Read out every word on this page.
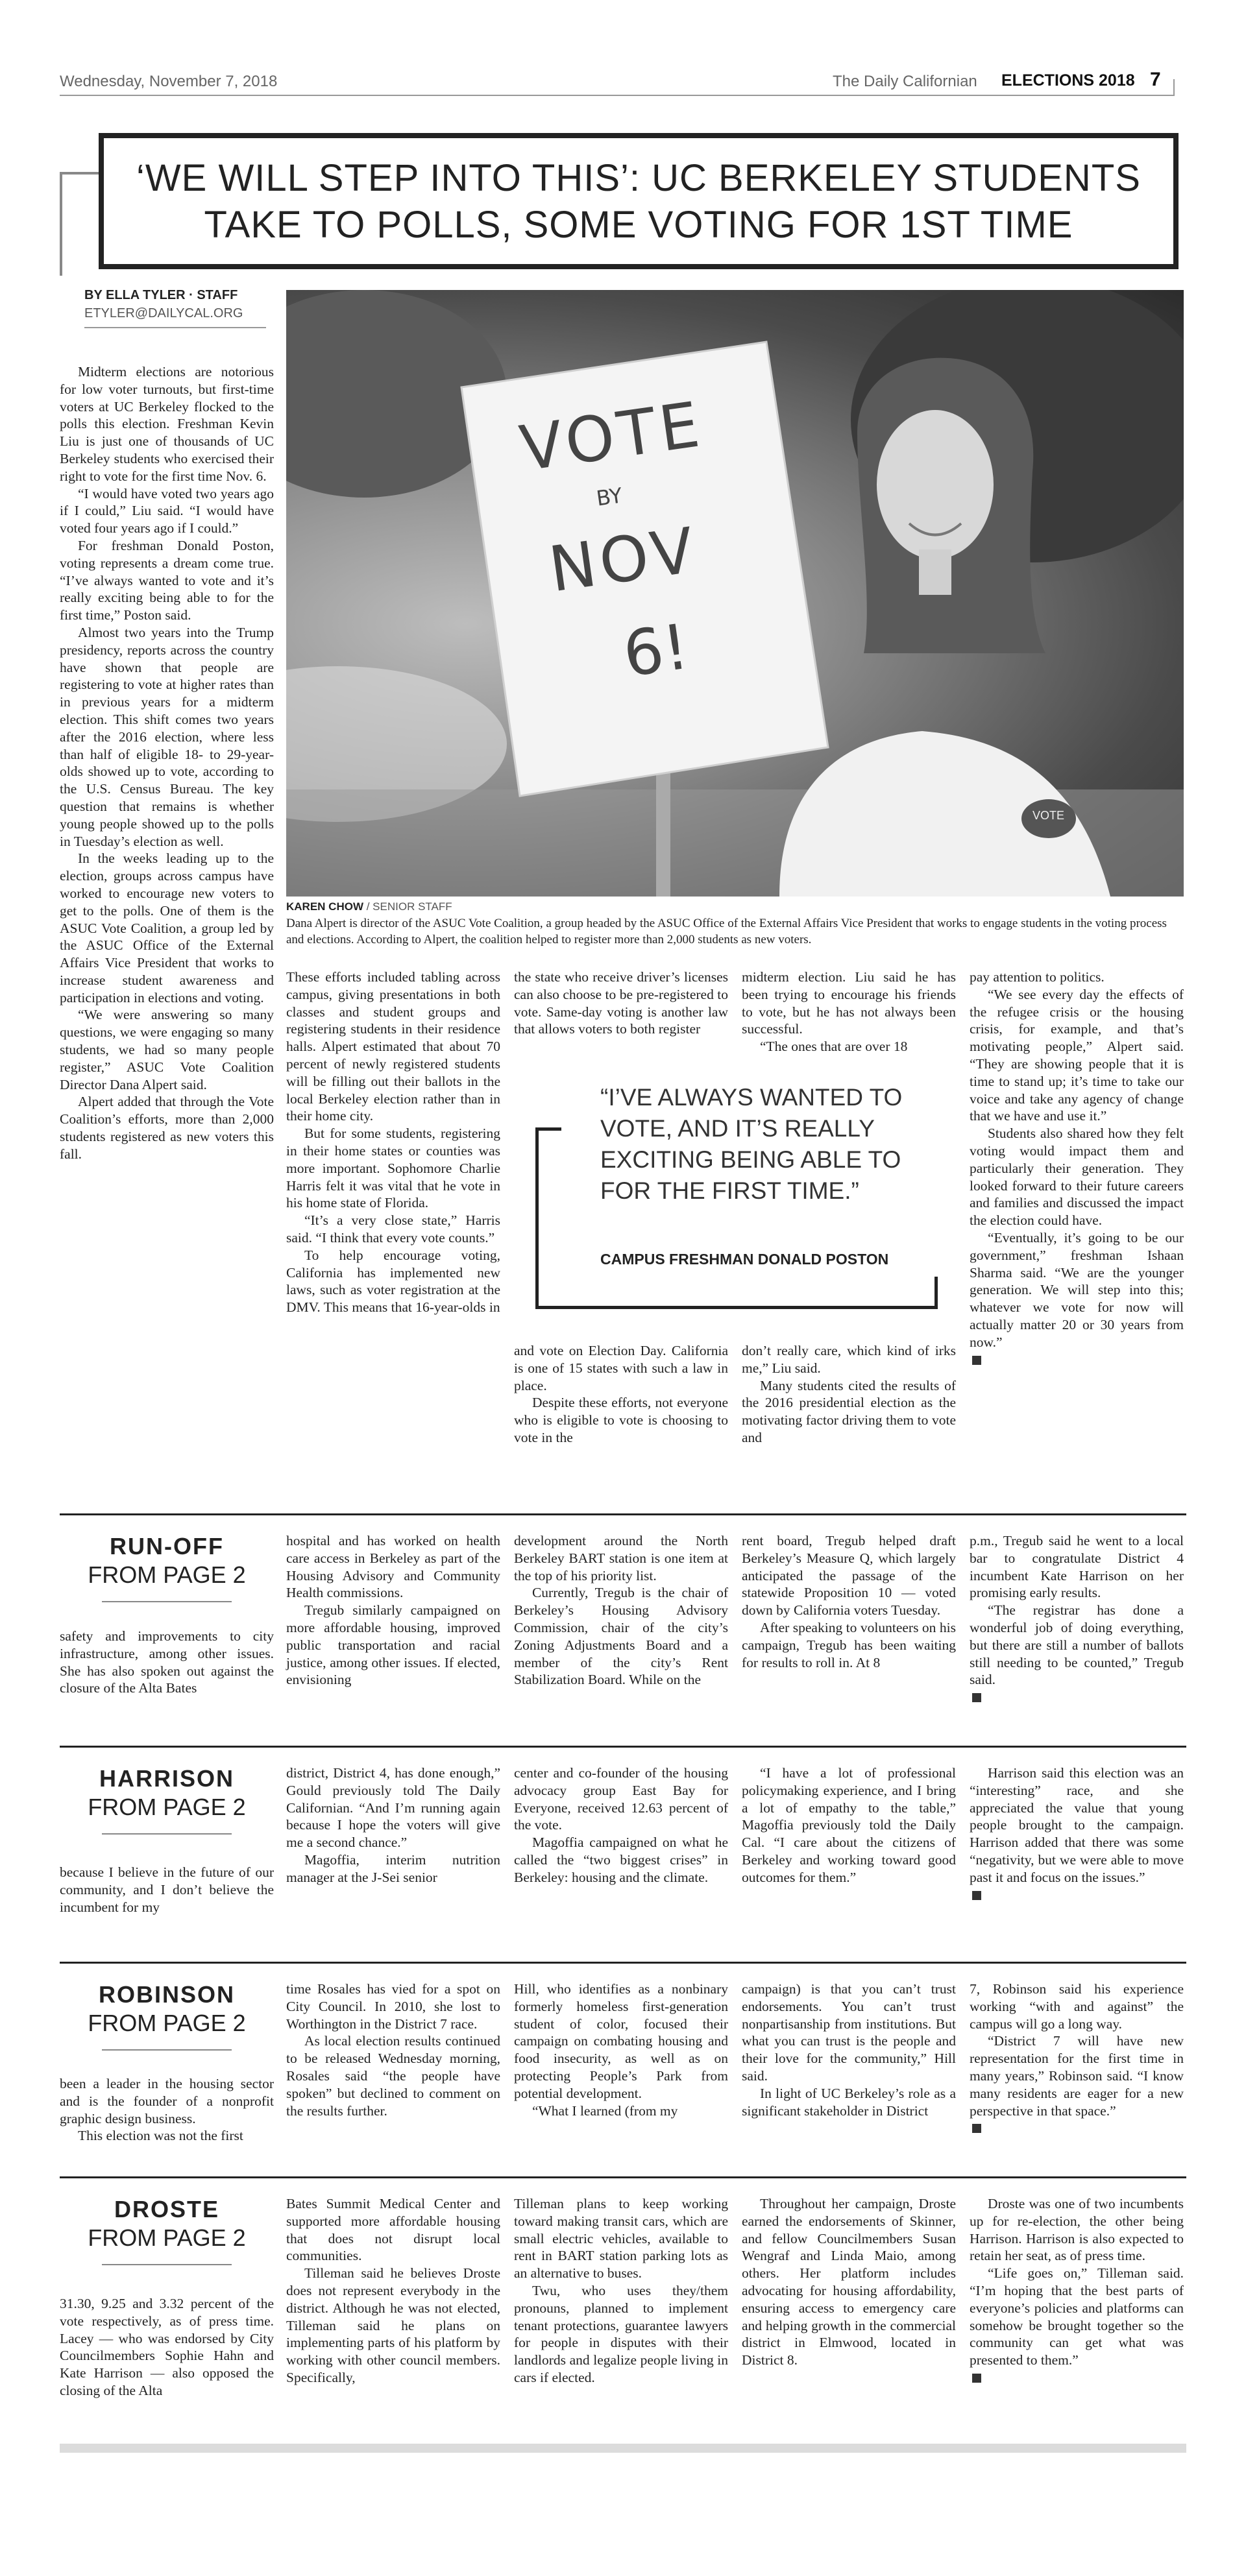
Wednesday, November 7, 2018	The Daily Californian ELECTIONS 2018 7
‘WE WILL STEP INTO THIS’: UC BERKELEY STUDENTS
TAKE TO POLLS, SOME VOTING FOR 1ST TIME
BY ELLA TYLER · STAFF
ETYLER@DAILYCAL.ORG
VOTE
BY
NOV
6!
VOTE
KAREN CHOW / SENIOR STAFF
Dana Alpert is director of the ASUC Vote Coalition, a group headed by the ASUC Office of the External Affairs Vice President that works to engage students in the voting process and elections. According to Alpert, the coalition helped to register more than 2,000 students as new voters.

Midterm elections are notorious for low voter turnouts, but first-time voters at UC Berkeley flocked to the polls this election. Freshman Kevin Liu is just one of thousands of UC Berkeley students who exercised their right to vote for the first time Nov. 6.

“I would have voted two years ago if I could,” Liu said. “I would have voted four years ago if I could.”

For freshman Donald Poston, voting represents a dream come true. “I’ve always wanted to vote and it’s really exciting being able to for the first time,” Poston said.

Almost two years into the Trump presidency, reports across the country have shown that people are registering to vote at higher rates than in previous years for a midterm election. This shift comes two years after the 2016 election, where less than half of eligible 18- to 29-year-olds showed up to vote, according to the U.S. Census Bureau. The key question that remains is whether young people showed up to the polls in Tuesday’s election as well.

In the weeks leading up to the election, groups across campus have worked to encourage new voters to get to the polls. One of them is the ASUC Vote Coalition, a group led by the ASUC Office of the External Affairs Vice President that works to increase student awareness and participation in elections and voting.

“We were answering so many questions, we were engaging so many students, we had so many people register,” ASUC Vote Coalition Director Dana Alpert said.

Alpert added that through the Vote Coalition’s efforts, more than 2,000 students registered as new voters this fall.

These efforts included tabling across campus, giving presentations in both classes and student groups and registering students in their residence halls. Alpert estimated that about 70 percent of newly registered students will be filling out their ballots in the local Berkeley election rather than in their home city.

But for some students, registering in their home states or counties was more important. Sophomore Charlie Harris felt it was vital that he vote in his home state of Florida.

“It’s a very close state,” Harris said. “I think that every vote counts.”

To help encourage voting, California has implemented new laws, such as voter registration at the DMV. This means that 16-year-olds in

the state who receive driver’s licenses can also choose to be pre-registered to vote. Same-day voting is another law that allows voters to both register

and vote on Election Day. California is one of 15 states with such a law in place.

Despite these efforts, not everyone who is eligible to vote is choosing to vote in the

midterm election. Liu said he has been trying to encourage his friends to vote, but he has not always been successful.

“The ones that are over 18

don’t really care, which kind of irks me,” Liu said.

Many students cited the results of the 2016 presidential election as the motivating factor driving them to vote and

pay attention to politics.

“We see every day the effects of the refugee crisis or the housing crisis, for example, and that’s motivating people,” Alpert said. “They are showing people that it is time to stand up; it’s time to take our voice and take any agency of change that we have and use it.”

Students also shared how they felt voting would impact them and particularly their generation. They looked forward to their future careers and families and discussed the impact the election could have.

“Eventually, it’s going to be our government,” freshman Ishaan Sharma said. “We are the younger generation. We will step into this; whatever we vote for now will actually matter 20 or 30 years from now.”

“I’VE ALWAYS WANTED TO VOTE, AND IT’S REALLY EXCITING BEING ABLE TO FOR THE FIRST TIME.”
CAMPUS FRESHMAN DONALD POSTON
RUN-OFF
FROM PAGE 2

safety and improvements to city infrastructure, among other issues. She has also spoken out against the closure of the Alta Bates

hospital and has worked on health care access in Berkeley as part of the Housing Advisory and Community Health commissions.

Tregub similarly campaigned on more affordable housing, improved public transportation and racial justice, among other issues. If elected, envisioning

development around the North Berkeley BART station is one item at the top of his priority list.

Currently, Tregub is the chair of Berkeley’s Housing Advisory Commission, chair of the city’s Zoning Adjustments Board and a member of the city’s Rent Stabilization Board. While on the

rent board, Tregub helped draft Berkeley’s Measure Q, which largely anticipated the passage of the statewide Proposition 10 — voted down by California voters Tuesday.

After speaking to volunteers on his campaign, Tregub has been waiting for results to roll in. At 8

p.m., Tregub said he went to a local bar to congratulate District 4 incumbent Kate Harrison on her promising early results.

“The registrar has done a wonderful job of doing everything, but there are still a number of ballots still needing to be counted,” Tregub said.

HARRISON
FROM PAGE 2

because I believe in the future of our community, and I don’t believe the incumbent for my

district, District 4, has done enough,” Gould previously told The Daily Californian. “And I’m running again because I hope the voters will give me a second chance.”

Magoffia, interim nutrition manager at the J-Sei senior

center and co-founder of the housing advocacy group East Bay for Everyone, received 12.63 percent of the vote.

Magoffia campaigned on what he called the “two biggest crises” in Berkeley: housing and the climate.

“I have a lot of professional policymaking experience, and I bring a lot of empathy to the table,” Magoffia previously told the Daily Cal. “I care about the citizens of Berkeley and working toward good outcomes for them.”

Harrison said this election was an “interesting” race, and she appreciated the value that young people brought to the campaign. Harrison added that there was some “negativity, but we were able to move past it and focus on the issues.”

ROBINSON
FROM PAGE 2

been a leader in the housing sector and is the founder of a nonprofit graphic design business.

This election was not the first

time Rosales has vied for a spot on City Council. In 2010, she lost to Worthington in the District 7 race.

As local election results continued to be released Wednesday morning, Rosales said “the people have spoken” but declined to comment on the results further.

Hill, who identifies as a nonbinary formerly homeless first-generation student of color, focused their campaign on combating housing and food insecurity, as well as on protecting People’s Park from potential development.

“What I learned (from my

campaign) is that you can’t trust endorsements. You can’t trust nonpartisanship from institutions. But what you can trust is the people and their love for the community,” Hill said.

In light of UC Berkeley’s role as a significant stakeholder in District

7, Robinson said his experience working “with and against” the campus will go a long way.

“District 7 will have new representation for the first time in many years,” Robinson said. “I know many residents are eager for a new perspective in that space.”

DROSTE
FROM PAGE 2

31.30, 9.25 and 3.32 percent of the vote respectively, as of press time. Lacey — who was endorsed by City Councilmembers Sophie Hahn and Kate Harrison — also opposed the closing of the Alta

Bates Summit Medical Center and supported more affordable housing that does not disrupt local communities.

Tilleman said he believes Droste does not represent everybody in the district. Although he was not elected, Tilleman said he plans on implementing parts of his platform by working with other council members. Specifically,

Tilleman plans to keep working toward making transit cars, which are small electric vehicles, available to rent in BART station parking lots as an alternative to buses.

Twu, who uses they/them pronouns, planned to implement tenant protections, guarantee lawyers for people in disputes with their landlords and legalize people living in cars if elected.

Throughout her campaign, Droste earned the endorsements of Skinner, and fellow Councilmembers Susan Wengraf and Linda Maio, among others. Her platform includes advocating for housing affordability, ensuring access to emergency care and helping growth in the commercial district in Elmwood, located in District 8.

Droste was one of two incumbents up for re-election, the other being Harrison. Harrison is also expected to retain her seat, as of press time.

“Life goes on,” Tilleman said. “I’m hoping that the best parts of everyone’s policies and platforms can somehow be brought together so the community can get what was presented to them.”
